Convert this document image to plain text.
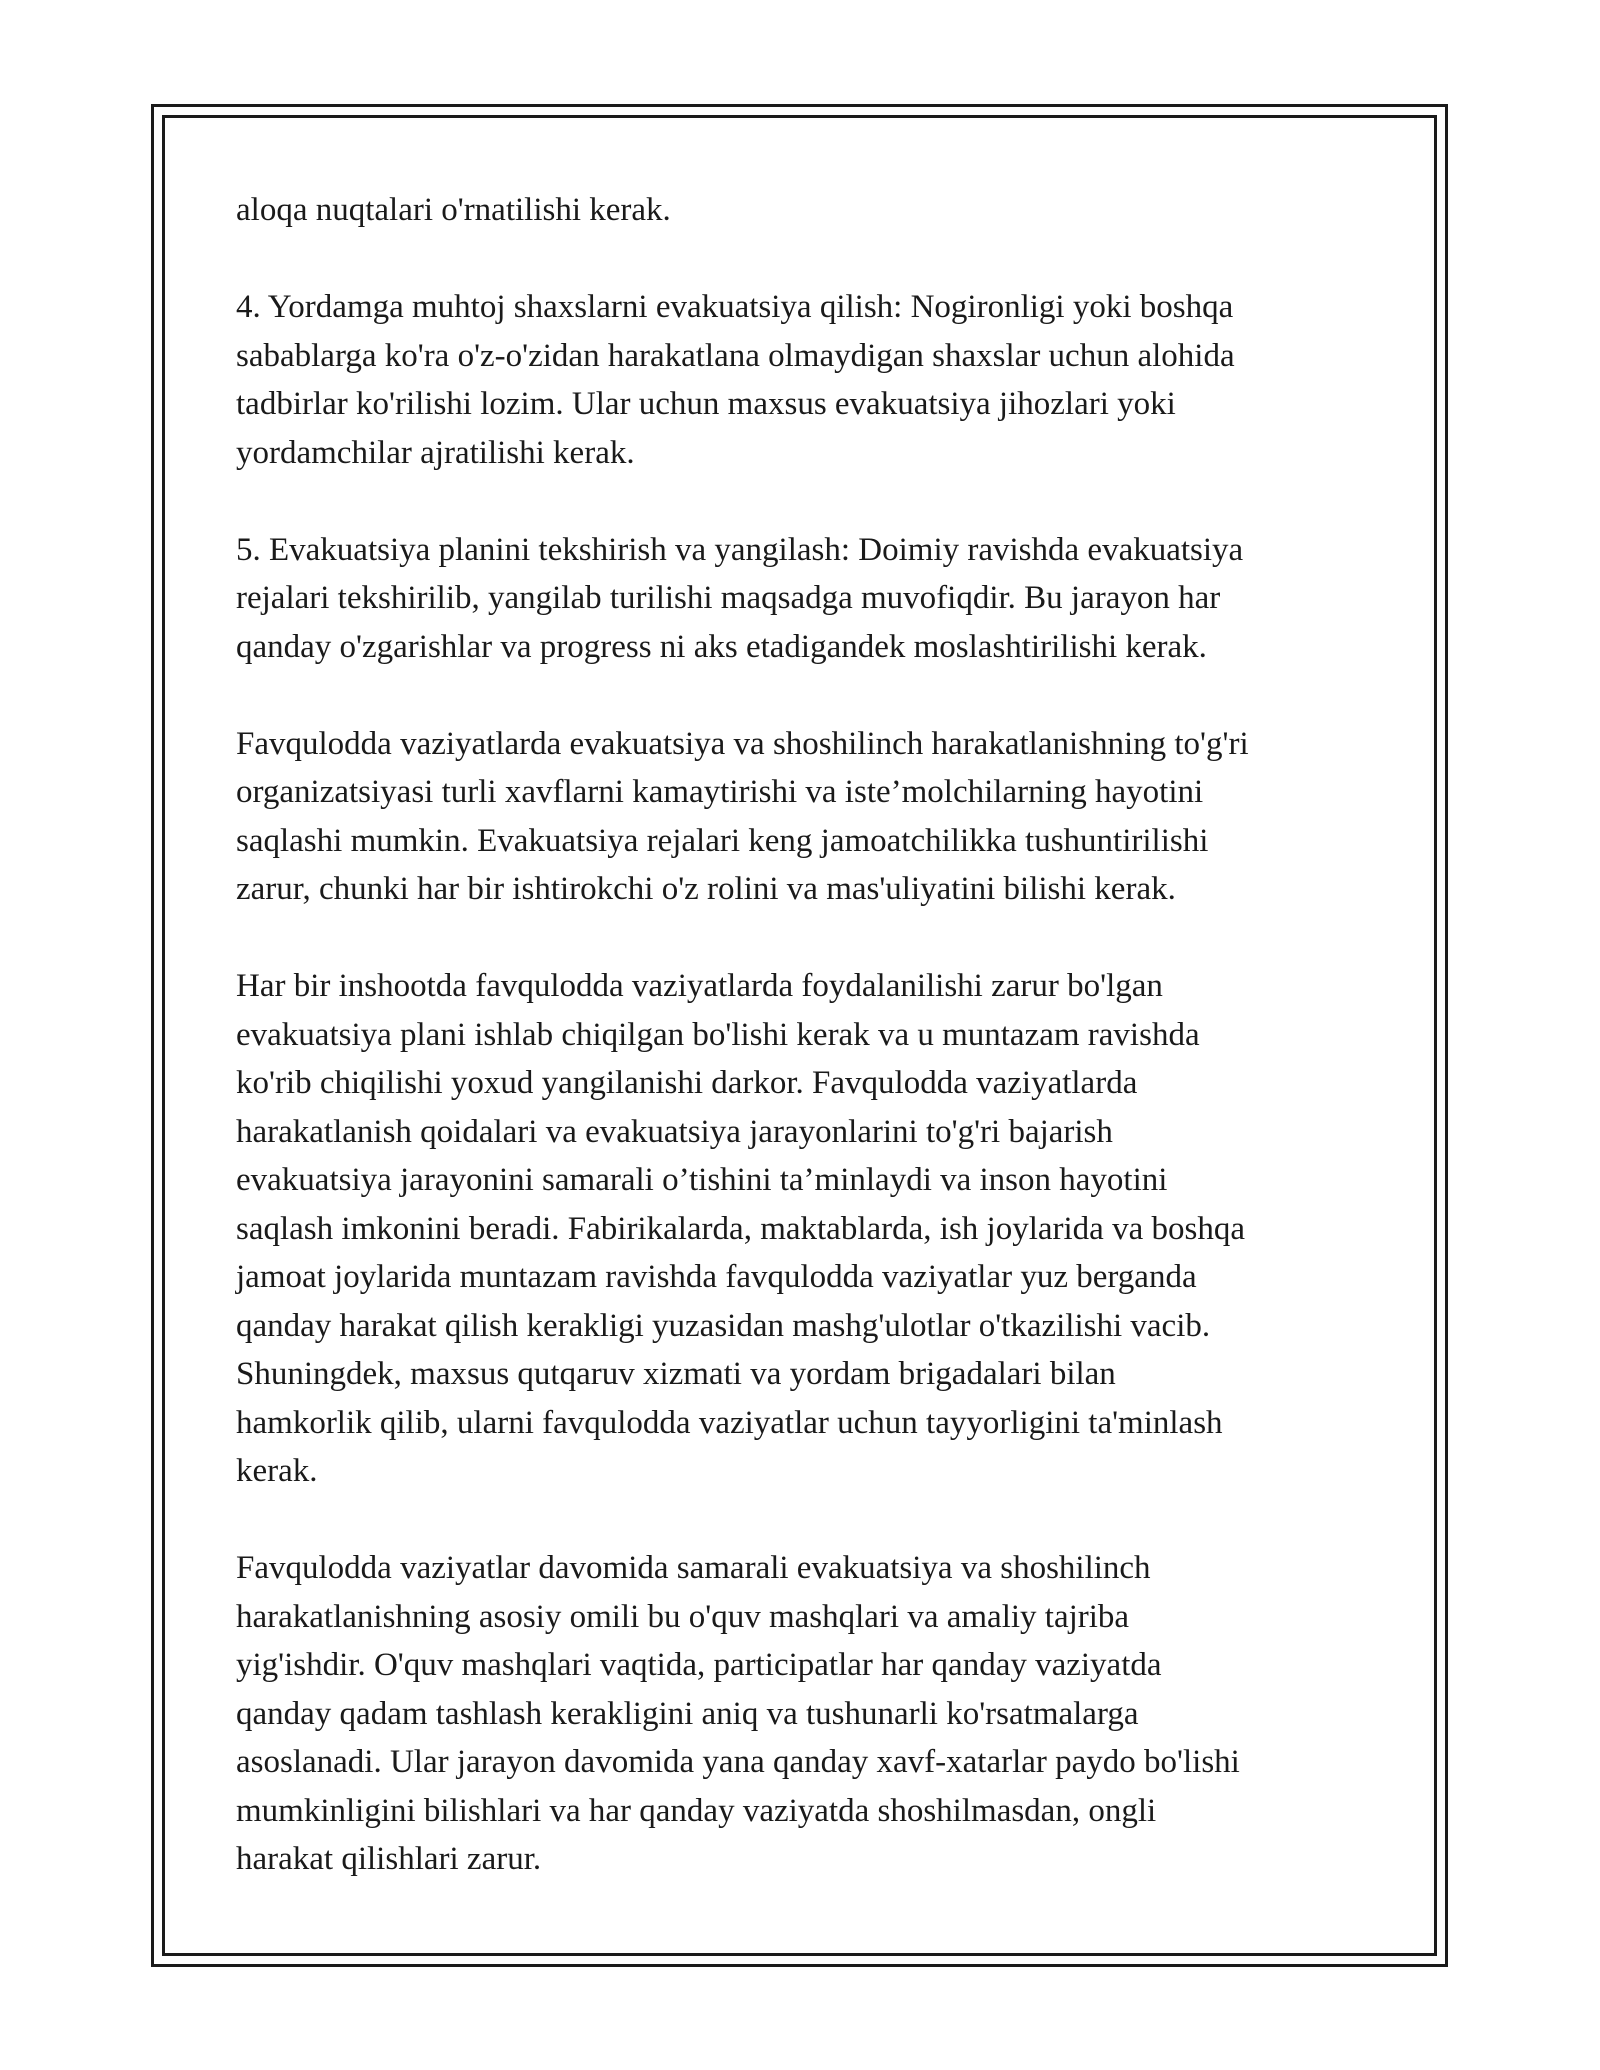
aloqa nuqtalari o'rnatilishi kerak.

4. Yordamga muhtoj shaxslarni evakuatsiya qilish: Nogironligi yoki boshqa
sabablarga ko'ra o'z-o'zidan harakatlana olmaydigan shaxslar uchun alohida
tadbirlar ko'rilishi lozim. Ular uchun maxsus evakuatsiya jihozlari yoki
yordamchilar ajratilishi kerak.

5. Evakuatsiya planini tekshirish va yangilash: Doimiy ravishda evakuatsiya
rejalari tekshirilib, yangilab turilishi maqsadga muvofiqdir. Bu jarayon har
qanday o'zgarishlar va progress ni aks etadigandek moslashtirilishi kerak.

Favqulodda vaziyatlarda evakuatsiya va shoshilinch harakatlanishning to'g'ri
organizatsiyasi turli xavflarni kamaytirishi va iste’molchilarning hayotini
saqlashi mumkin. Evakuatsiya rejalari keng jamoatchilikka tushuntirilishi
zarur, chunki har bir ishtirokchi o'z rolini va mas'uliyatini bilishi kerak.

Har bir inshootda favqulodda vaziyatlarda foydalanilishi zarur bo'lgan
evakuatsiya plani ishlab chiqilgan bo'lishi kerak va u muntazam ravishda
ko'rib chiqilishi yoxud yangilanishi darkor. Favqulodda vaziyatlarda
harakatlanish qoidalari va evakuatsiya jarayonlarini to'g'ri bajarish
evakuatsiya jarayonini samarali o’tishini ta’minlaydi va inson hayotini
saqlash imkonini beradi. Fabirikalarda, maktablarda, ish joylarida va boshqa
jamoat joylarida muntazam ravishda favqulodda vaziyatlar yuz berganda
qanday harakat qilish kerakligi yuzasidan mashg'ulotlar o'tkazilishi vacib.
Shuningdek, maxsus qutqaruv xizmati va yordam brigadalari bilan
hamkorlik qilib, ularni favqulodda vaziyatlar uchun tayyorligini ta'minlash
kerak.

Favqulodda vaziyatlar davomida samarali evakuatsiya va shoshilinch
harakatlanishning asosiy omili bu o'quv mashqlari va amaliy tajriba
yig'ishdir. O'quv mashqlari vaqtida, participatlar har qanday vaziyatda
qanday qadam tashlash kerakligini aniq va tushunarli ko'rsatmalarga
asoslanadi. Ular jarayon davomida yana qanday xavf-xatarlar paydo bo'lishi
mumkinligini bilishlari va har qanday vaziyatda shoshilmasdan, ongli
harakat qilishlari zarur.
